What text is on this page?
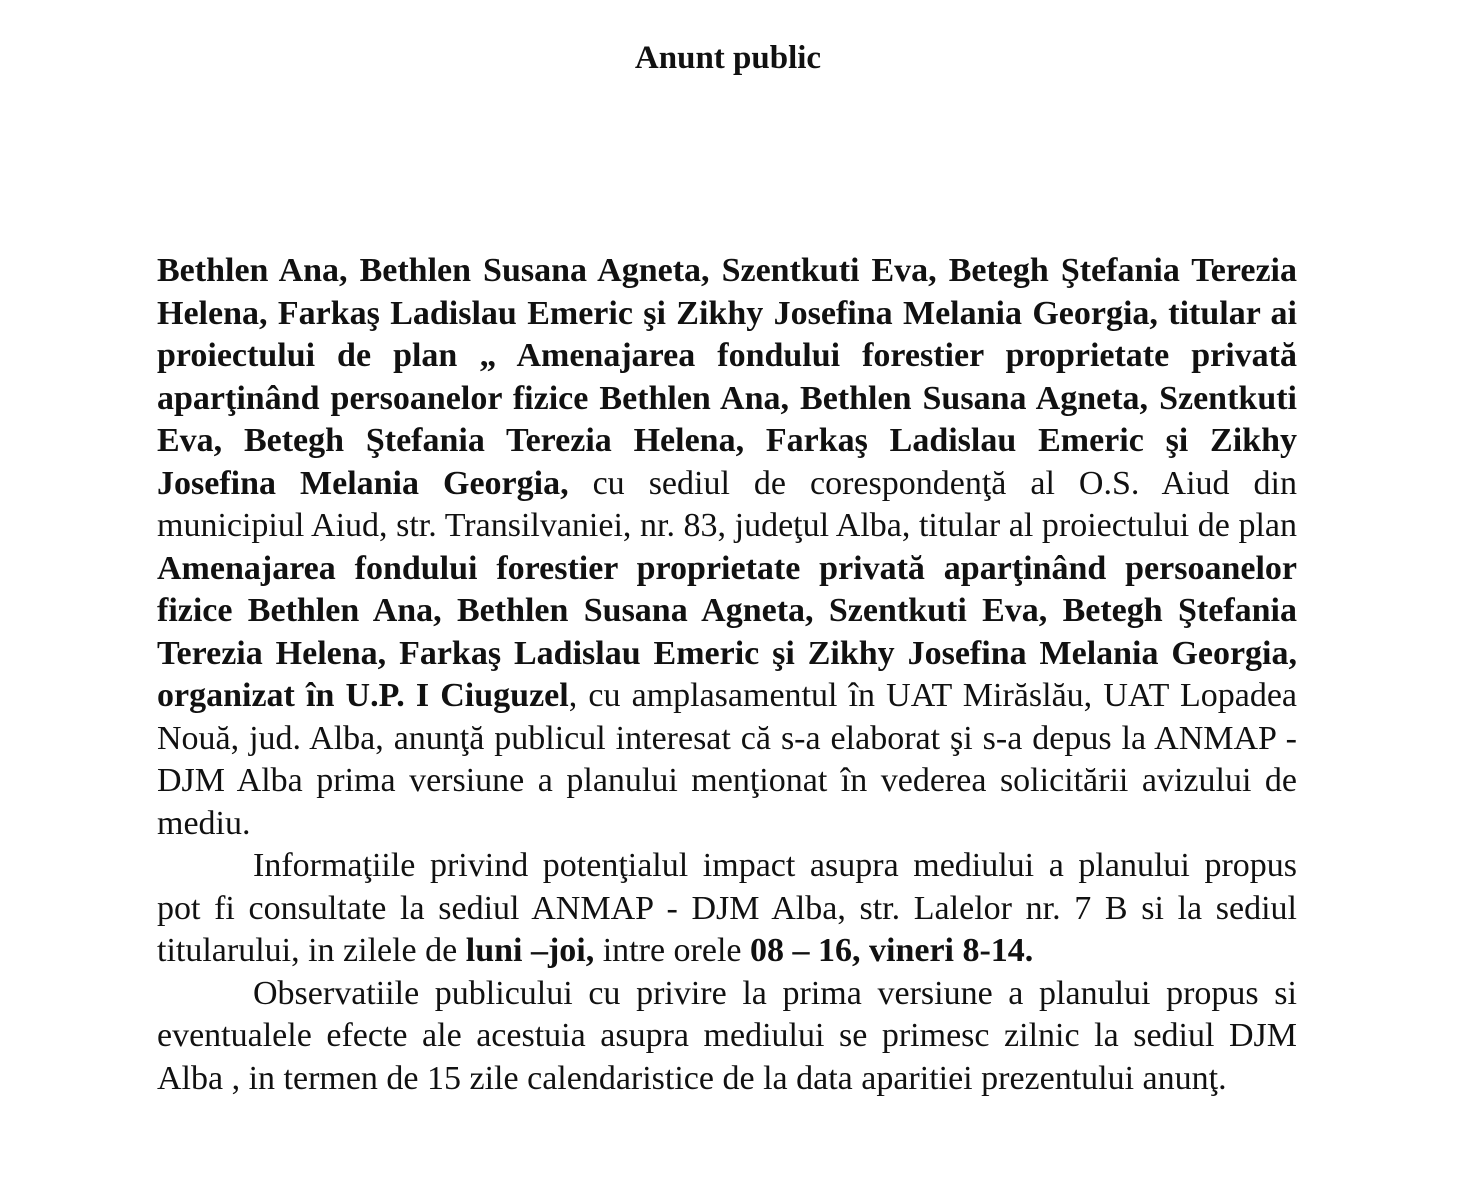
Anunt public

Bethlen Ana, Bethlen Susana Agneta, Szentkuti Eva, Betegh Ştefania Terezia Helena, Farkaş Ladislau Emeric şi Zikhy Josefina Melania Georgia, titular ai proiectului de plan „ Amenajarea fondului forestier proprietate privată aparţinând persoanelor fizice Bethlen Ana, Bethlen Susana Agneta, Szentkuti Eva, Betegh Ştefania Terezia Helena, Farkaş Ladislau Emeric şi Zikhy Josefina Melania Georgia, cu sediul de corespondenţă al O.S. Aiud din municipiul Aiud, str. Transilvaniei, nr. 83, judeţul Alba, titular al proiectului de plan Amenajarea fondului forestier proprietate privată aparţinând persoanelor fizice Bethlen Ana, Bethlen Susana Agneta, Szentkuti Eva, Betegh Ştefania Terezia Helena, Farkaş Ladislau Emeric şi Zikhy Josefina Melania Georgia, organizat în U.P. I Ciuguzel, cu amplasamentul în UAT Mirăslău, UAT Lopadea Nouă, jud. Alba, anunţă publicul interesat că s-a elaborat şi s-a depus la ANMAP - DJM Alba prima versiune a planului menţionat în vederea solicitării avizului de mediu.

Informaţiile privind potenţialul impact asupra mediului a planului propus pot fi consultate la sediul ANMAP - DJM Alba, str. Lalelor nr. 7 B si la sediul titularului, in zilele de luni –joi, intre orele 08 – 16, vineri 8-14.

Observatiile publicului cu privire la prima versiune a planului propus si eventualele efecte ale acestuia asupra mediului se primesc zilnic la sediul DJM Alba , in termen de 15 zile calendaristice de la data aparitiei prezentului anunţ.
